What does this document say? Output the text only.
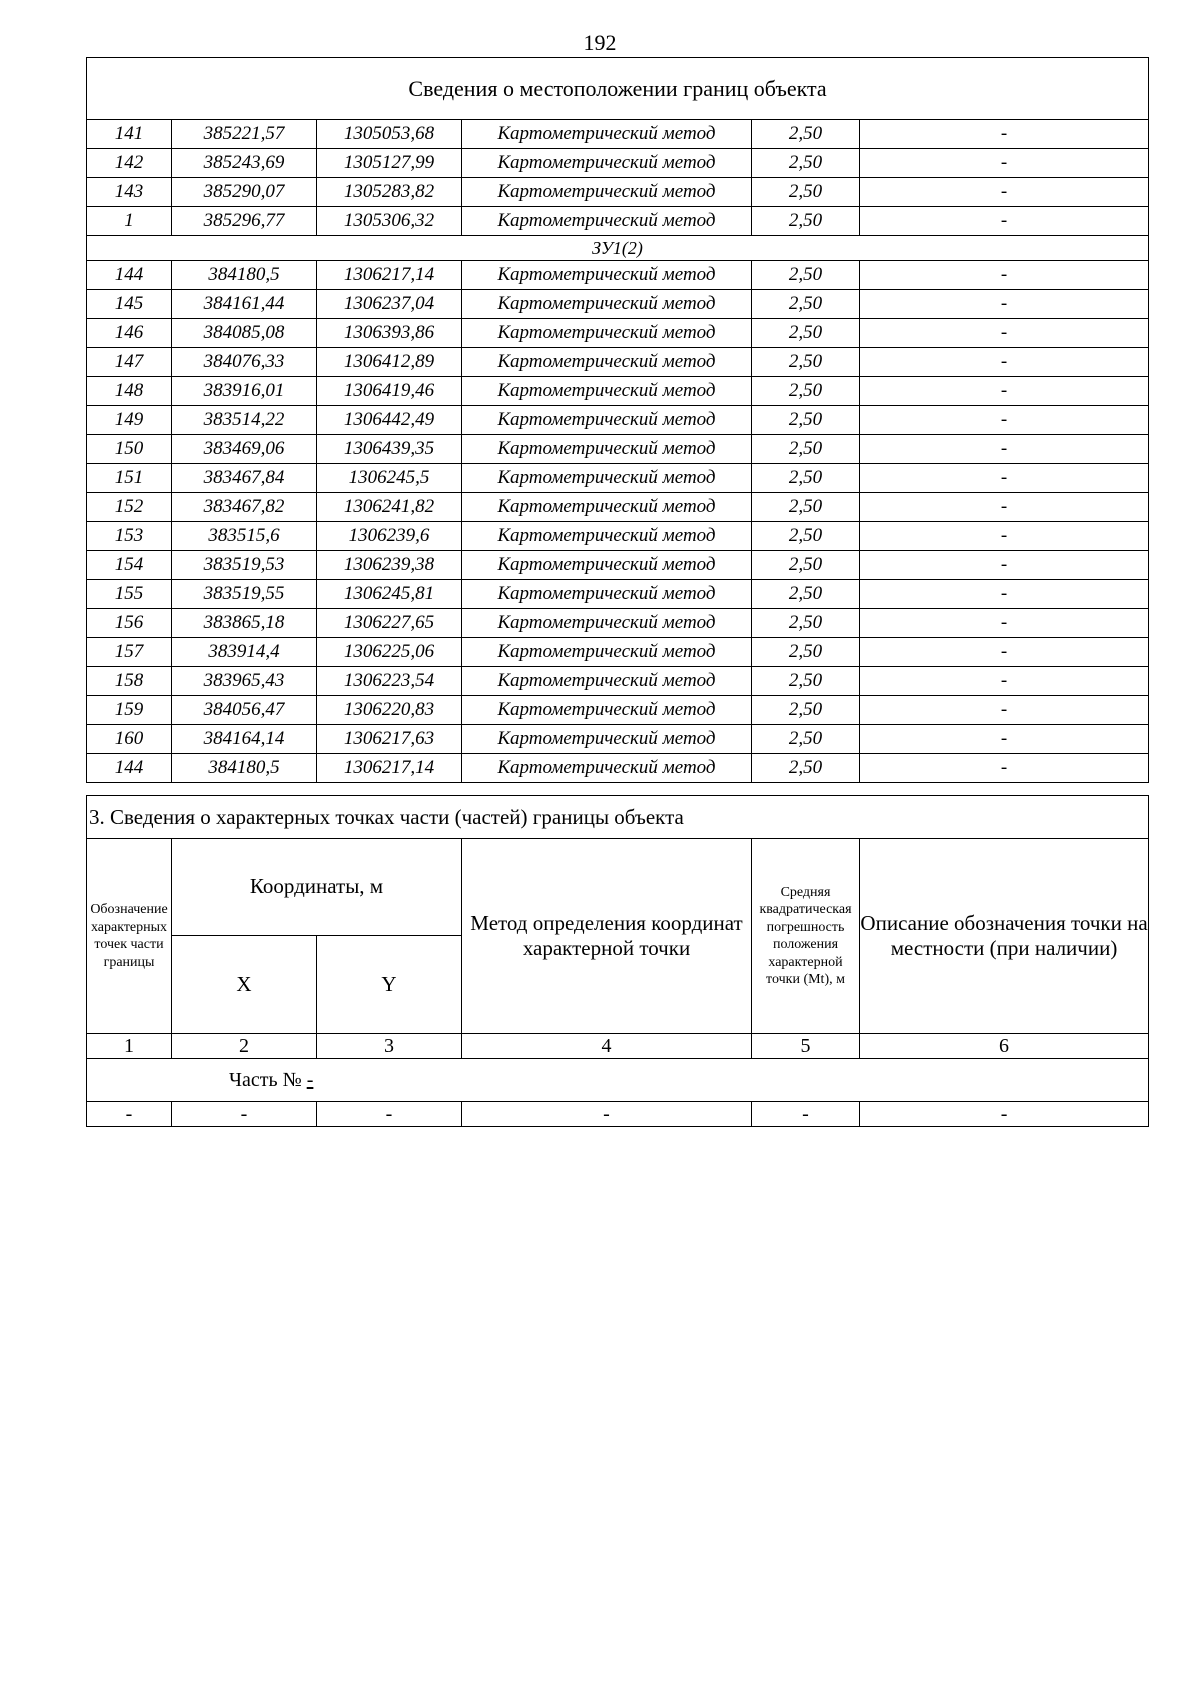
192
Сведения о местоположении границ объекта					
141	385221,57	1305053,68	Картометрический метод	2,50	-
142	385243,69	1305127,99	Картометрический метод	2,50	-
143	385290,07	1305283,82	Картометрический метод	2,50	-
1	385296,77	1305306,32	Картометрический метод	2,50	-
ЗУ1(2)					
144	384180,5	1306217,14	Картометрический метод	2,50	-
145	384161,44	1306237,04	Картометрический метод	2,50	-
146	384085,08	1306393,86	Картометрический метод	2,50	-
147	384076,33	1306412,89	Картометрический метод	2,50	-
148	383916,01	1306419,46	Картометрический метод	2,50	-
149	383514,22	1306442,49	Картометрический метод	2,50	-
150	383469,06	1306439,35	Картометрический метод	2,50	-
151	383467,84	1306245,5	Картометрический метод	2,50	-
152	383467,82	1306241,82	Картометрический метод	2,50	-
153	383515,6	1306239,6	Картометрический метод	2,50	-
154	383519,53	1306239,38	Картометрический метод	2,50	-
155	383519,55	1306245,81	Картометрический метод	2,50	-
156	383865,18	1306227,65	Картометрический метод	2,50	-
157	383914,4	1306225,06	Картометрический метод	2,50	-
158	383965,43	1306223,54	Картометрический метод	2,50	-
159	384056,47	1306220,83	Картометрический метод	2,50	-
160	384164,14	1306217,63	Картометрический метод	2,50	-
144	384180,5	1306217,14	Картометрический метод	2,50	-
3. Сведения о характерных точках части (частей) границы объекта					
Обозначение характерных точек части границы	Координаты, м		Метод определения координат характерной точки	Средняя квадратическая погрешность положения характерной точки (Mt), м	Описание обозначения точки на местности (при наличии)
	X	Y			
1	2	3	4	5	6
Часть № -					
-	-	-	-	-	-
